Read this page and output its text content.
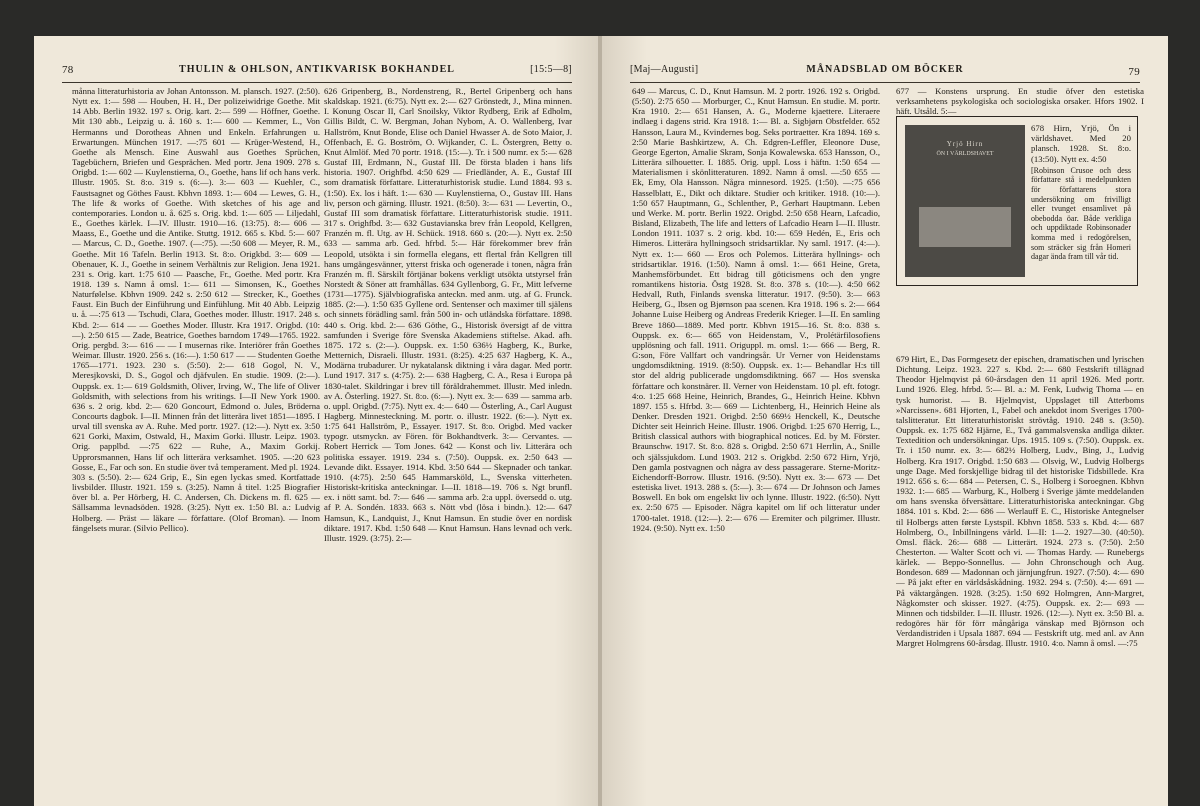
78	THULIN & OHLSON, ANTIKVARISK BOKHANDEL	[15:5—8]

månna litteraturhistoria av Johan Antonsson. M. plansch. 1927. (2:50). Nytt ex. 1:— 598 — Houben, H. H., Der polizeiwidrige Goethe. Mit 14 Abb. Berlin 1932. 197 s. Orig. kart. 2:— 599 — Höffner, Goethe. Mit 130 abb., Leipzig u. å. 160 s. 1:— 600 — Kemmer, L., Von Hermanns und Dorotheas Ahnen und Enkeln. Erfahrungen u. Erwartungen. München 1917. —:75 601 — Krüger-Westend, H., Goethe als Mensch. Eine Auswahl aus Goethes Sprüchen, Tagebüchern, Briefen und Gesprächen. Med portr. Jena 1909. 278 s. Origbd. 1:— 602 — Kuylenstierna, O., Goethe, hans lif och hans verk. Illustr. 1905. St. 8:o. 319 s. (6:—). 3:— 603 — Kuehler, C., Faustsagnet og Göthes Faust. Kbhvn 1893. 1:— 604 — Lewes, G. H., The life & works of Goethe. With sketches of his age and contemporaries. London u. å. 625 s. Orig. kbd. 1:— 605 — Liljedahl, E., Goethes kärlek. I—IV. Illustr. 1910—16. (13:75). 8:— 606 — Maass, E., Goethe und die Antike. Stuttg. 1912. 665 s. Kbd. 5:— 607 — Marcus, C. D., Goethe. 1907. (—:75). —:50 608 — Meyer, R. M., Goethe. Mit 16 Tafeln. Berlin 1913. St. 8:o. Origkbd. 3:— 609 — Obenauer, K. J., Goethe in seinem Verhältnis zur Religion. Jena 1921. 231 s. Orig. kart. 1:75 610 — Paasche, Fr., Goethe. Med portr. Kra 1918. 139 s. Namn å omsl. 1:— 611 — Simonsen, K., Goethes Naturfølelse. Kbhvn 1909. 242 s. 2:50 612 — Strecker, K., Goethes Faust. Ein Buch der Einführung und Einfühlung. Mit 40 Abb. Leipzig u. å. —:75 613 — Tschudi, Clara, Goethes moder. Illustr. 1917. 248 s. Kbd. 2:— 614 — — Goethes Moder. Illustr. Kra 1917. Origbd. (10:—). 2:50 615 — Zade, Beatrice, Goethes barndom 1749—1765. 1922. Orig. pergbd. 3:— 616 — — I musernas rike. Interiörer från Goethes Weimar. Illustr. 1920. 256 s. (16:—). 1:50 617 — — Studenten Goethe 1765—1771. 1923. 230 s. (5:50). 2:— 618 Gogol, N. V., Meresjkovski, D. S., Gogol och djäfvulen. En studie. 1909. (2:—). Ouppsk. ex. 1:— 619 Goldsmith, Oliver, Irving, W., The life of Oliver Goldsmith, with selections from his writings. I—II New York 1900. 636 s. 2 orig. kbd. 2:— 620 Goncourt, Edmond o. Jules, Bröderna Concourts dagbok. I—II. Minnen från det litterära livet 1851—1895. I urval till svenska av A. Ruhe. Med portr. 1927. (12:—). Nytt ex. 3:50 621 Gorki, Maxim, Ostwald, H., Maxim Gorki. Illustr. Leipz. 1903. Orig. papplbd. —:75 622 — Ruhe, A., Maxim Gorkij. Upprorsmannen, Hans lif och litterära verksamhet. 1905. —:20 623 Gosse, E., Far och son. En studie över två temperament. Med pl. 1924. 303 s. (5:50). 2:— 624 Grip, E., Sin egen lyckas smed. Kortfattade livsbilder. Illustr. 1921. 159 s. (3:25). Namn å titel. 1:25 Biografier över bl. a. Per Hörberg, H. C. Andersen, Ch. Dickens m. fl. 625 — Sällsamma levnadsöden. 1928. (3:25). Nytt ex. 1:50 Bl. a.: Ludvig Holberg. — Präst — läkare — författare. (Olof Broman). — Inom fängelsets murar. (Silvio Pellico).

626 Gripenberg, B., Nordenstreng, R., Bertel Gripenberg och hans skaldskap. 1921. (6:75). Nytt ex. 2:— 627 Grönstedt, J., Mina minnen. I. Konung Oscar II, Carl Snoilsky, Viktor Rydberg, Erik af Edholm, Gillis Bildt, C. W. Bergman, Johan Nybom, A. O. Wallenberg, Ivar Hallström, Knut Bonde, Elise och Daniel Hwasser A. de Soto Maior, J. Offenbach, E. G. Boström, O. Wijkander, C. L. Östergren, Betty o. Knut Almlöf. Med 70 portr. 1918. (15:—). Tr. i 500 numr. ex 5:— 628 Gustaf III, Erdmann, N., Gustaf III. De första bladen i hans lifs historia. 1907. Orighfbd. 4:50 629 — Friedländer, A. E., Gustaf III som dramatisk författare. Litteraturhistorisk studie. Lund 1884. 93 s. (1:50). Ex. los i häft. 1:— 630 — Kuylenstierna, O., Gustav III. Hans liv, person och gärning. Illustr. 1921. (8:50). 3:— 631 — Levertin, O., Gustaf III som dramatisk författare. Litteraturhistorisk studie. 1911. 317 s. Orighfbd. 3:— 632 Gustavianska brev från Leopold, Kellgren, Franzén m. fl. Utg. av H. Schück. 1918. 660 s. (20:—). Nytt ex. 2:50 633 — samma arb. Ged. hfrbd. 5:— Här förekommer brev från Leopold, utsökta i sin formella elegans, ett flertal från Kellgren till hans umgängesvänner, ytterst friska och ogenerade i tonen, några från Franzén m. fl. Särskilt förtjänar bokens verkligt utsökta utstyrsel från Norstedt & Söner att framhållas. 634 Gyllenborg, G. Fr., Mitt lefverne (1731—1775). Självbiografiska anteckn. med anm. utg. af G. Frunck. 1885. (2:—). 1:50 635 Gyllene ord. Sentenser och maximer till själens och sinnets förädling saml. från 500 in- och utländska författare. 1898. 440 s. Orig. kbd. 2:— 636 Göthe, G., Historisk översigt af de vittra samfunden i Sverige före Svenska Akademiens stiftelse. Akad. afh. 1875. 172 s. (2:—). Ouppsk. ex. 1:50 636½ Hagberg, K., Burke, Metternich, Disraeli. Illustr. 1931. (8:25). 4:25 637 Hagberg, K. A., Modärna trubadurer. Ur nykatalansk diktning i våra dagar. Med portr. Lund 1917. 317 s. (4:75). 2:— 638 Hagberg, C. A., Resa i Europa på 1830-talet. Skildringar i brev till föräldrahemmet. Illustr. Med inledn. av A. Österling. 1927. St. 8:o. (6:—). Nytt ex. 3:— 639 — samma arb. o. uppl. Origbd. (7:75). Nytt ex. 4:— 640 — Österling, A., Carl August Hagberg. Minnesteckning. M. portr. o. illustr. 1922. (6:—). Nytt ex. 1:75 641 Hallström, P., Essayer. 1917. St. 8:o. Origbd. Med vacker typogr. utsmyckn. av Fören. för Bokhandtverk. 3:— Cervantes. — Robert Herrick — Tom Jones. 642 — Konst och liv. Litterära och politiska essayer. 1919. 234 s. (7:50). Ouppsk. ex. 2:50 643 — Levande dikt. Essayer. 1914. Kbd. 3:50 644 — Skepnader och tankar. 1910. (4:75). 2:50 645 Hammarsköld, L., Svenska vitterheten. Historiskt-kritiska anteckningar. I—II. 1818—19. 706 s. Ngt brunfl. ex. i nött samt. bd. 7:— 646 — samma arb. 2:a uppl. översedd o. utg. af P. A. Sondén. 1833. 663 s. Nött vbd (lösa i bindn.). 12:— 647 Hamsun, K., Landquist, J., Knut Hamsun. En studie över en nordisk diktare. 1917. Kbd. 1:50 648 — Knut Hamsun. Hans levnad och verk. Illustr. 1929. (3:75). 2:—

[Maj—Augusti]	MÅNADSBLAD OM BÖCKER	79

649 — Marcus, C. D., Knut Hamsun. M. 2 portr. 1926. 192 s. Origbd. (5:50). 2:75 650 — Morburger, C., Knut Hamsun. En studie. M. portr. Kra 1910. 2:— 651 Hansen, A. G., Moderne kjaettere. Literaere indlaeg i dagens strid. Kra 1918. 1:— Bl. a. Sigbjørn Obstfelder. 652 Hansson, Laura M., Kvindernes bog. Seks portraetter. Kra 1894. 169 s. 2:50 Marie Bashkirtzew, A. Ch. Edgren-Leffler, Eleonore Duse, George Egerton, Amalie Skram, Sonja Kowalewska. 653 Hansson, O., Litterära silhouetter. I. 1885. Orig. uppl. Loss i häftn. 1:50 654 — Materialismen i skönlitteraturen. 1892. Namn å omsl. —:50 655 — Ek, Emy, Ola Hansson. Några minnesord. 1925. (1:50). —:75 656 Hasselblatt, E., Dikt och diktare. Studier och kritiker. 1918. (10:—). 1:50 657 Hauptmann, G., Schlenther, P., Gerhart Hauptmann. Leben und Werke. M. portr. Berlin 1922. Origbd. 2:50 658 Hearn, Lafcadio, Bisland, Elizabeth, The life and letters of Lafcadio Hearn I—II. Illustr. London 1911. 1037 s. 2 orig. kbd. 10:— 659 Hedén, E., Eris och Himeros. Litterära hyllningsoch stridsartiklar. Ny saml. 1917. (4:—). Nytt ex. 1:— 660 — Eros och Polemos. Litterära hyllnings- och stridsartiklar. 1916. (1:50). Namn å omsl. 1:— 661 Heine, Greta, Manhemsförbundet. Ett bidrag till göticismens och den yngre romantikens historia. Östg 1928. St. 8:o. 378 s. (10:—). 4:50 662 Hedvall, Ruth, Finlands svenska litteratur. 1917. (9:50). 3:— 663 Heiberg, G., Ibsen og Bjørnson paa scenen. Kra 1918. 196 s. 2:— 664 Johanne Luise Heiberg og Andreas Frederik Krieger. I—II. En samling Breve 1860—1889. Med portr. Kbhvn 1915—16. St. 8:o. 838 s. Ouppsk. ex. 6:— 665 von Heidenstam, V., Prolétärfilosofiens upplösning och fall. 1911. Origuppl. m. omsl. 1:— 666 — Berg, R. G:son, Före Vallfart och vandringsår. Ur Verner von Heidenstams ungdomsdiktning. 1919. (8:50). Ouppsk. ex. 1:— Behandlar H:s till stor del aldrig publicerade ungdomsdiktning. 667 — Hos svenska författare och konstnärer. II. Verner von Heidenstam. 10 pl. eft. fotogr. 4:o. 1:25 668 Heine, Heinrich, Brandes, G., Heinrich Heine. Kbhvn 1897. 155 s. Hfrbd. 3:— 669 — Lichtenberg, H., Heinrich Heine als Denker. Dresden 1921. Origbd. 2:50 669½ Henckell, K., Deutsche Dichter seit Heinrich Heine. Illustr. 1906. Origbd. 1:25 670 Herrig, L., British classical authors with biographical notices. Ed. by M. Förster. Braunschw. 1917. St. 8:o. 828 s. Origbd. 2:50 671 Herrlin, A., Snille och själssjukdom. Lund 1903. 212 s. Origkbd. 2:50 672 Hirn, Yrjö, Den gamla postvagnen och några av dess passagerare. Sterne-Moritz-Eichendorff-Borrow. Illustr. 1916. (9:50). Nytt ex. 3:— 673 — Det estetiska livet. 1913. 288 s. (5:—). 3:— 674 — Dr Johnson och James Boswell. En bok om engelskt liv och lynne. Illustr. 1922. (6:50). Nytt ex. 2:50 675 — Episoder. Några kapitel om lif och litteratur under 1700-talet. 1918. (12:—). 2:— 676 — Eremiter och pilgrimer. Illustr. 1924. (9:50). Nytt ex. 1:50

677 — Konstens ursprung. En studie öfver den estetiska verksamhetens psykologiska och sociologiska orsaker. Hfors 1902. I häft. Utsåld. 5:—

Yrjö Hirn
ÖN I VÄRLDSHAVET

678 Hirn, Yrjö, Ön i världshavet. Med 20 plansch. 1928. St. 8:o. (13:50). Nytt ex. 4:50

[Robinson Crusoe och dess författare stå i medelpunkten för författarens stora undersökning om frivilligt eller tvunget ensamlivet på obebodda öar. Både verkliga och uppdiktade Robinsonader komma med i redogörelsen, som sträcker sig från Homeri dagar ända fram till vår tid.

679 Hirt, E., Das Formgesetz der epischen, dramatischen und lyrischen Dichtung. Leipz. 1923. 227 s. Kbd. 2:— 680 Festskrift tillägnad Theodor Hjelmqvist på 60-årsdagen den 11 april 1926. Med portr. Lund 1926. Eleg. hfrbd. 5:— Bl. a.: M. Fenk, Ludwig Thoma — en tysk humorist. — B. Hjelmqvist, Uppslaget till Atterboms »Narcissen». 681 Hjorten, I., Fabel och anekdot inom Sveriges 1700-talslitteratur. Ett litteraturhistoriskt strövtåg. 1910. 248 s. (3:50). Ouppsk. ex. 1:75 682 Hjärne, E., Två gammalsvenska andliga dikter. Textedition och undersökningar. Ups. 1915. 109 s. (7:50). Ouppsk. ex. Tr. i 150 numr. ex. 3:— 682½ Holberg, Ludv., Bing, J., Ludvig Holberg. Kra 1917. Origbd. 1:50 683 — Olsvig, W., Ludvig Holbergs unge Dage. Med forskjellige bidrag til det historiske Tidsbillede. Kra 1912. 656 s. 6:— 684 — Petersen, C. S., Holberg i Soroegnen. Kbhvn 1932. 1:— 685 — Warburg, K., Holberg i Sverige jämte meddelanden om hans svenska öfversättare. Litteraturhistoriska anteckningar. Gbg 1884. 101 s. Kbd. 2:— 686 — Werlauff E. C., Historiske Antegnelser til Holbergs atten første Lystspil. Kbhvn 1858. 533 s. Kbd. 4:— 687 Holmberg, O., Inbillningens värld. I—II: 1—2. 1927—30. (40:50). Omsl. fläck. 26:— 688 — Litterärt. 1924. 273 s. (7:50). 2:50 Chesterton. — Walter Scott och vi. — Thomas Hardy. — Runebergs kärlek. — Beppo-Sonnellus. — John Chronschough och Aug. Bondeson. 689 — Madonnan och järnjungfrun. 1927. (7:50). 4:— 690 — På jakt efter en världsåskådning. 1932. 294 s. (7:50). 4:— 691 — På väktargången. 1928. (3:25). 1:50 692 Holmgren, Ann-Margret, Någkomster och skisser. 1927. (4:75). Ouppsk. ex. 2:— 693 — Minnen och tidsbilder. I—II. Illustr. 1926. (12:—). Nytt ex. 3:50 Bl. a. redogöres här för förr mångåriga vänskap med Björnson och Verdandistriden i Upsala 1887. 694 — Festskrift utg. med anl. av Ann Margret Holmgrens 60-årsdag. Illustr. 1910. 4:o. Namn å omsl. —:75
